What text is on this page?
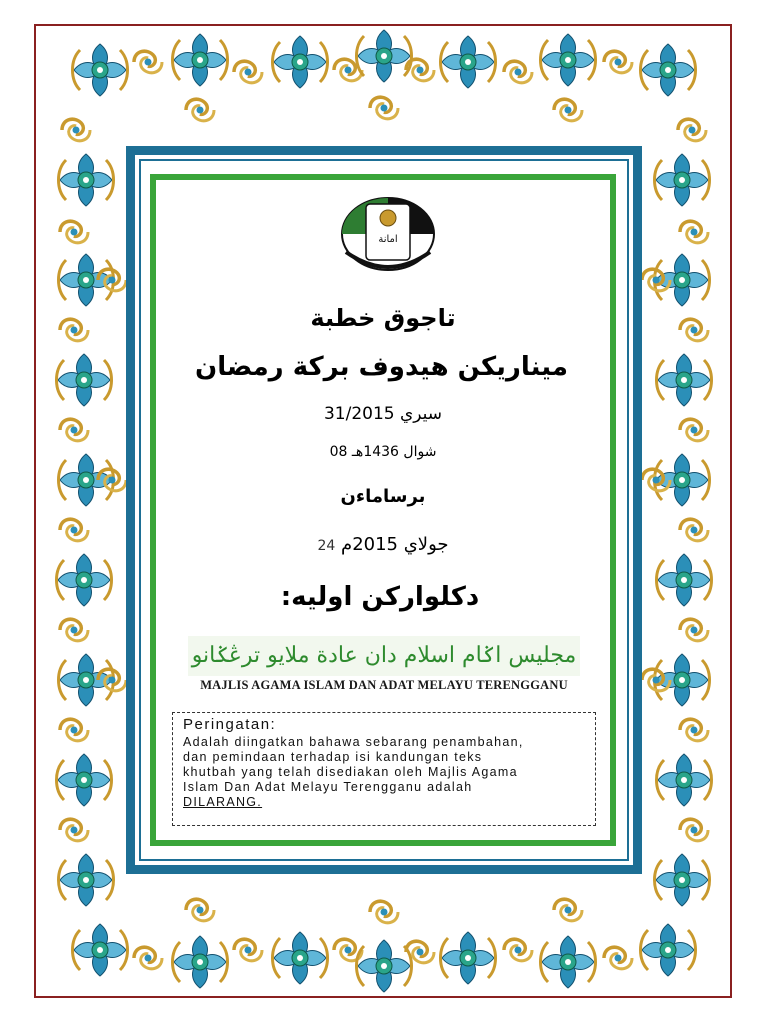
امانة
تاجوق خطبة
ميناريكن هيدوف بركة رمضان
31/2015 سيري
08 شوال 1436هـ
برساماءن
جولاي 2015م 24
دكلواركن اوليه:
مجليس اݢام اسلام دان عادة ملايو ترڠݢانو
MAJLIS AGAMA ISLAM DAN ADAT MELAYU TERENGGANU
Peringatan:
Adalah diingatkan bahawa sebarang penambahan,
dan pemindaan terhadap isi kandungan teks
khutbah yang telah disediakan oleh Majlis Agama
Islam Dan Adat Melayu Terengganu adalah
DILARANG.
